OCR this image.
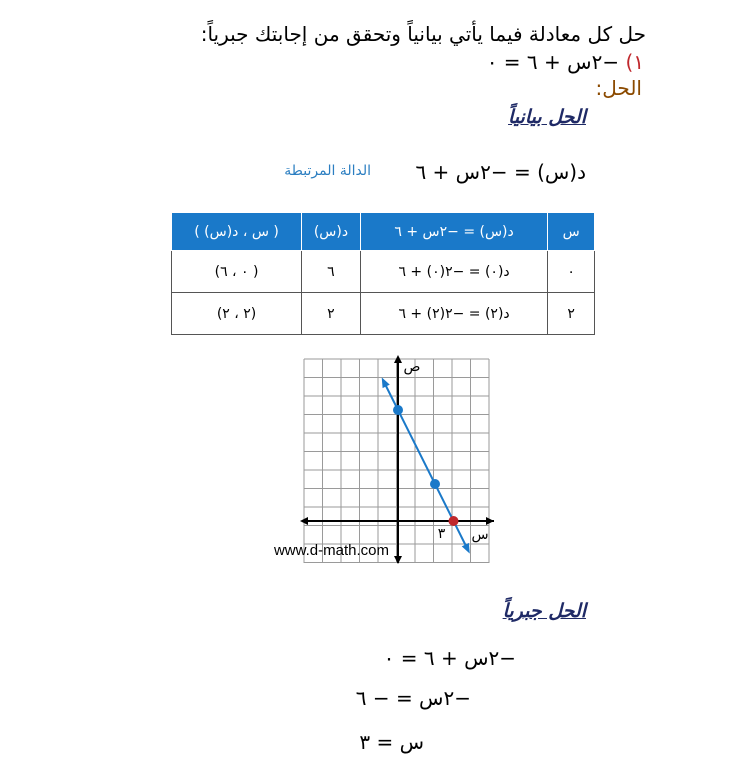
حل كل معادلة فيما يأتي بيانياً وتحقق من إجابتك جبرياً:
١) −٢س + ٦ = ٠
الحل:
الحل بيانياً
د(س) = −٢س + ٦
الدالة المرتبطة
س	د(س) = −٢س + ٦	د(س)	( س ، د(س) )
٠	د(٠) = −٢(٠) + ٦	٦	( ٠ ، ٦)
٢	د(٢) = −٢(٢) + ٦	٢	(٢ ، ٢)
ص
س
٣
www.d-math.com
الحل جبرياً
−٢س + ٦ = ٠
−٢س = − ٦
س = ٣
